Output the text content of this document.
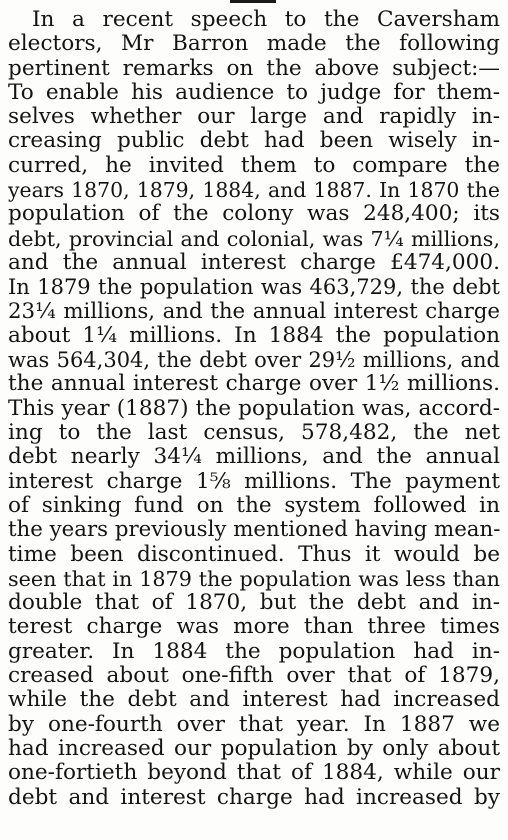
In a recent speech to the Caversham
electors, Mr Barron made the following
pertinent remarks on the above subject:—
To enable his audience to judge for them-
selves whether our large and rapidly in-
creasing public debt had been wisely in-
curred, he invited them to compare the
years 1870, 1879, 1884, and 1887. In 1870 the
population of the colony was 248,400; its
debt, provincial and colonial, was 7¼ millions,
and the annual interest charge £474,000.
In 1879 the population was 463,729, the debt
23¼ millions, and the annual interest charge
about 1¼ millions. In 1884 the population
was 564,304, the debt over 29½ millions, and
the annual interest charge over 1½ millions.
This year (1887) the population was, accord-
ing to the last census, 578,482, the net
debt nearly 34¼ millions, and the annual
interest charge 1⅝ millions. The payment
of sinking fund on the system followed in
the years previously mentioned having mean-
time been discontinued. Thus it would be
seen that in 1879 the population was less than
double that of 1870, but the debt and in-
terest charge was more than three times
greater. In 1884 the population had in-
creased about one-fifth over that of 1879,
while the debt and interest had increased
by one-fourth over that year. In 1887 we
had increased our population by only about
one-fortieth beyond that of 1884, while our
debt and interest charge had increased by
